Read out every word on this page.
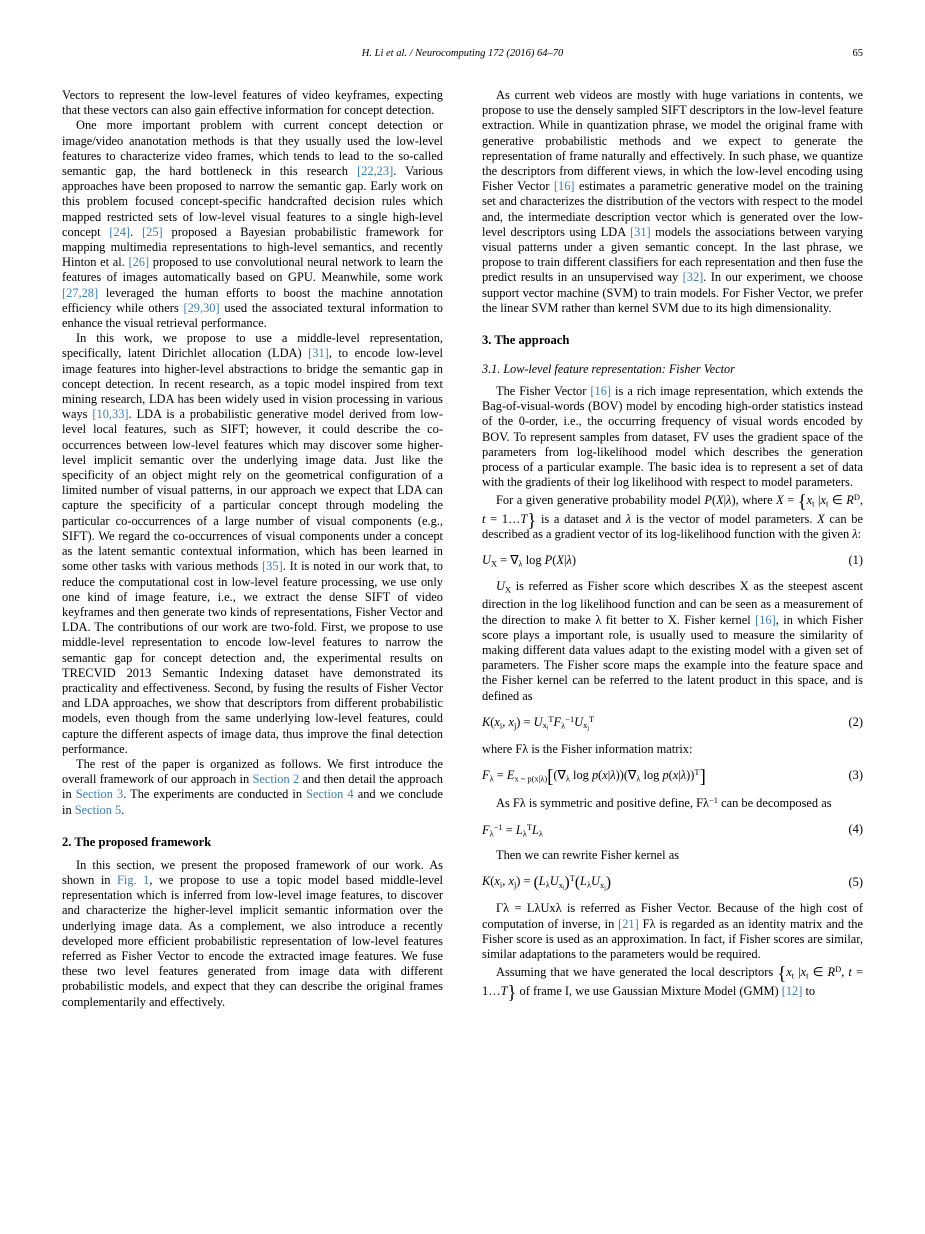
H. Li et al. / Neurocomputing 172 (2016) 64–70	65

Vectors to represent the low-level features of video keyframes, expecting that these vectors can also gain effective information for concept detection.

One more important problem with current concept detection or image/video ananotation methods is that they usually used the low-level features to characterize video frames, which tends to lead to the so-called semantic gap, the hard bottleneck in this research [22,23]. Various approaches have been proposed to narrow the semantic gap. Early work on this problem focused concept-specific handcrafted decision rules which mapped restricted sets of low-level visual features to a single high-level concept [24]. [25] proposed a Bayesian probabilistic framework for mapping multimedia representations to high-level semantics, and recently Hinton et al. [26] proposed to use convolutional neural network to learn the features of images automatically based on GPU. Meanwhile, some work [27,28] leveraged the human efforts to boost the machine annotation efficiency while others [29,30] used the associated textural information to enhance the visual retrieval performance.

In this work, we propose to use a middle-level representation, specifically, latent Dirichlet allocation (LDA) [31], to encode low-level image features into higher-level abstractions to bridge the semantic gap in concept detection. In recent research, as a topic model inspired from text mining research, LDA has been widely used in vision processing in various ways [10,33]. LDA is a probabilistic generative model derived from low-level local features, such as SIFT; however, it could describe the co-occurrences between low-level features which may discover some higher-level implicit semantic over the underlying image data. Just like the specificity of an object might rely on the geometrical configuration of a limited number of visual patterns, in our approach we expect that LDA can capture the specificity of a particular concept through modeling the particular co-occurrences of a large number of visual components (e.g., SIFT). We regard the co-occurrences of visual components under a concept as the latent semantic contextual information, which has been learned in some other tasks with various methods [35]. It is noted in our work that, to reduce the computational cost in low-level feature processing, we use only one kind of image feature, i.e., we extract the dense SIFT of video keyframes and then generate two kinds of representations, Fisher Vector and LDA. The contributions of our work are two-fold. First, we propose to use middle-level representation to encode low-level features to narrow the semantic gap for concept detection and, the experimental results on TRECVID 2013 Semantic Indexing dataset have demonstrated its practicality and effectiveness. Second, by fusing the results of Fisher Vector and LDA approaches, we show that descriptors from different probabilistic models, even though from the same underlying low-level features, could capture the different aspects of image data, thus improve the final detection performance.

The rest of the paper is organized as follows. We first introduce the overall framework of our approach in Section 2 and then detail the approach in Section 3. The experiments are conducted in Section 4 and we conclude in Section 5.

2. The proposed framework

In this section, we present the proposed framework of our work. As shown in Fig. 1, we propose to use a topic model based middle-level representation which is inferred from low-level image features, to discover and characterize the higher-level implicit semantic information over the underlying image data. As a complement, we also introduce a recently developed more efficient probabilistic representation of low-level features referred as Fisher Vector to encode the extracted image features. We fuse these two level features generated from image data with different probabilistic models, and expect that they can describe the original frames complementarily and effectively.

As current web videos are mostly with huge variations in contents, we propose to use the densely sampled SIFT descriptors in the low-level feature extraction. While in quantization phrase, we model the original frame with generative probabilistic methods and we expect to generate the representation of frame naturally and effectively. In such phase, we quantize the descriptors from different views, in which the low-level encoding using Fisher Vector [16] estimates a parametric generative model on the training set and characterizes the distribution of the vectors with respect to the model and, the intermediate description vector which is generated over the low-level descriptors using LDA [31] models the associations between varying visual patterns under a given semantic concept. In the last phrase, we propose to train different classifiers for each representation and then fuse the predict results in an unsupervised way [32]. In our experiment, we choose support vector machine (SVM) to train models. For Fisher Vector, we prefer the linear SVM rather than kernel SVM due to its high dimensionality.

3. The approach
3.1. Low-level feature representation: Fisher Vector

The Fisher Vector [16] is a rich image representation, which extends the Bag-of-visual-words (BOV) model by encoding high-order statistics instead of the 0-order, i.e., the occurring frequency of visual words encoded by BOV. To represent samples from dataset, FV uses the gradient space of the parameters from log-likelihood model which describes the generation process of a particular example. The basic idea is to represent a set of data with the gradients of their log likelihood with respect to model parameters.

For a given generative probability model P(X|λ), where $X = \{x_t$ $|x_t$ ∈ $R^D$, t = 1…T} is a dataset and λ is the vector of model parameters. X can be described as a gradient vector of its log-likelihood function with the given λ:

$U_X = \nabla_\lambda$ log P(X|λ)	(1)

$U_X$ is referred as Fisher score which describes X as the steepest ascent direction in the log likelihood function and can be seen as a measurement of the direction to make λ fit better to X. Fisher kernel [16], in which Fisher score plays a important role, is usually used to measure the similarity of making different data values adapt to the existing model with a given set of parameters. The Fisher score maps the example into the feature space and the Fisher kernel can be referred to the latent product in this space, and is defined as

$K(x_i$, $x_j) = U_{x_i}^TF_\lambda^{-1}U_{x_j}^T$	(2)

where Fλ is the Fisher information matrix:

$F_\lambda = E_{x \sim p(x|\lambda)}[(\nabla_\lambda$ $\log p(x|\lambda))(\nabla_\lambda$ log p(x|λ))$^T$]	(3)

As Fλ is symmetric and positive define, $F\lambda^{-1}$ can be decomposed as

$F_\lambda^{-1} = L_\lambda^TL_\lambda$	(4)

Then we can rewrite Fisher kernel as

$K(x_i$, $x_j) = (L_\lambda U_{x_i})^T(L_\lambda U_{x_j})$	(5)

Γλ = LλUxλ is referred as Fisher Vector. Because of the high cost of computation of inverse, in [21] Fλ is regarded as an identity matrix and the Fisher score is used as an approximation. In fact, if Fisher scores are similar, similar adaptations to the parameters would be required.

Assuming that we have generated the local descriptors {$x_t$ $|x_t$ ∈ $R^D$, t = 1…T} of frame I, we use Gaussian Mixture Model (GMM) [12] to
